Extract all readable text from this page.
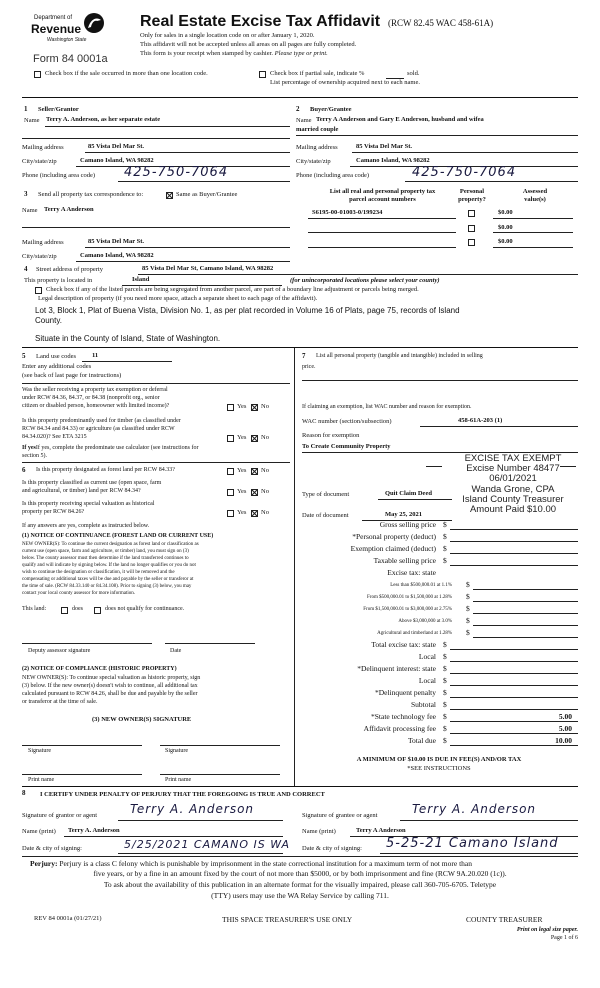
Department of
Revenue
Washington State
Form 84 0001a
Real Estate Excise Tax Affidavit (RCW 82.45 WAC 458-61A)
Only for sales in a single location code on or after January 1, 2020.
This affidavit will not be accepted unless all areas on all pages are fully completed.
This form is your receipt when stamped by cashier. Please type or print.
Check box if the sale occurred in more than one location code.	Check box if partial sale, indicate %	sold.
List percentage of ownership acquired next to each name.
1 Seller/Grantor
Name Terry A. Anderson, as her separate estate
Mailing address	85 Vista Del Mar St.
City/state/zip	Camano Island, WA 98282
Phone (including area code) 425-750-7064
2 Buyer/Grantee
Name Terry A Anderson and Gary E Anderson, husband and wifea
married couple
Mailing address	85 Vista Del Mar St.
City/state/zip	Camano Island, WA 98282
Phone (including area code)	425-750-7064
3 Send all property tax correspondence to:	Same as Buyer/Grantee
Name Terry A Anderson
Mailing address	85 Vista Del Mar St.
City/state/zip	Camano Island, WA 98282
List all real and personal property tax
parcel account numbers
Personal
property?
Assessed
value(s)
S6195-00-01003-0/199234	$0.00
$0.00
$0.00
4 Street address of property	85 Vista Del Mar St, Camano Island, WA 98282
This property is located in	Island	(for unincorporated locations please select your county)
Check box if any of the listed parcels are being segregated from another parcel, are part of a boundary line adjustment or parcels being merged.
Legal description of property (if you need more space, attach a separate sheet to each page of the affidavit).
Lot 3, Block 1, Plat of Buena Vista, Division No. 1, as per plat recorded in Volume 16 of Plats, page 75, records of Island
County.
Situate in the County of Island, State of Washington.
5 Land use codes 11
Enter any additional codes
(see back of last page for instructions)
Was the seller receiving a property tax exemption or deferral
under RCW 84.36, 84.37, or 84.38 (nonprofit org., senior
citizen or disabled person, homeowner with limited income)?	Yes No
Is this property predominantly used for timber (as classified under
RCW 84.34 and 84.33) or agriculture (as classified under RCW
84.34.020)? See ETA 3215	Yes No
If yesIf yes, complete the predominate use calculator (see instructions for
section 5).
6 Is this property designated as forest land per RCW 84.33?	Yes No
Is this property classified as current use (open space, farm
and agricultural, or timber) land per RCW 84.34?	Yes No
Is this property receiving special valuation as historical
property per RCW 84.26?	Yes No
If any answers are yes, complete as instructed below.
(1) NOTICE OF CONTINUANCE (FOREST LAND OR CURRENT USE)
NEW OWNER(S): To continue the current designation as forest land or classification as
current use (open space, farm and agriculture, or timber) land, you must sign on (3)
below. The county assessor must then determine if the land transferred continues to
qualify and will indicate by signing below. If the land no longer qualifies or you do not
wish to continue the designation or classification, it will be removed and the
compensating or additional taxes will be due and payable by the seller or transferor at
the time of sale. (RCW 84.33.140 or 84.34.108). Prior to signing (3) below, you may
contact your local county assessor for more information.
This land:	does	does not qualify for continuance.
Deputy assessor signature	Date
(2) NOTICE OF COMPLIANCE (HISTORIC PROPERTY)
NEW OWNER(S): To continue special valuation as historic property, sign
(3) below. If the new owner(s) doesn't wish to continue, all additional tax
calculated pursuant to RCW 84.26, shall be due and payable by the seller
or transferor at the time of sale.
(3) NEW OWNER(S) SIGNATURE
Signature	Signature
Print name	Print name
7 List all personal property (tangible and intangible) included in selling
price.
If claiming an exemption, list WAC number and reason for exemption.
WAC number (section/subsection)	458-61A-203 (1)
Reason for exemption
To Create Community Property
EXCISE TAX EXEMPT
Excise Number 48477
06/01/2021
Wanda Grone, CPA
Island County Treasurer
Amount Paid $10.00
Type of document	Quit Claim Deed
Date of document	May 25, 2021
Gross selling price $
*Personal property (deduct) $
Exemption claimed (deduct) $
Taxable selling price $
Excise tax: state
Less than $500,000.01 at 1.1% $
From $500,000.01 to $1,500,000 at 1.28% $
From $1,500,000.01 to $3,000,000 at 2.75% $
Above $3,000,000 at 3.0% $
Agricultural and timberland at 1.28% $
Total excise tax: state $
Local $
*Delinquent interest: state $
Local $
*Delinquent penalty $
Subtotal $
*State technology fee $	5.00
Affidavit processing fee $	5.00
Total due $	10.00
A MINIMUM OF $10.00 IS DUE IN FEE(S) AND/OR TAX
*SEE INSTRUCTIONS
8 I CERTIFY UNDER PENALTY OF PERJURY THAT THE FOREGOING IS TRUE AND CORRECT
Signature of grantor or agent	Terry A. Anderson	Signature of grantee or agent	Terry A. Anderson
Name (print) Terry A. Anderson	Name (print)	Terry A Anderson
Date & city of signing:	5/25/2021 CAMANO IS WA Date & city of signing: 5-25-21 Camano Island
Perjury: Perjury is a class C felony which is punishable by imprisonment in the state correctional institution for a maximum term of not more than
five years, or by a fine in an amount fixed by the court of not more than $5000, or by both imprisonment and fine (RCW 9A.20.020 (1c)).
To ask about the availability of this publication in an alternate format for the visually impaired, please call 360-705-6705. Teletype
(TTY) users may use the WA Relay Service by calling 711.
REV 84 0001a (01/27/21)	THIS SPACE TREASURER'S USE ONLY	COUNTY TREASURER
Print on legal size paper.
Page 1 of 6
